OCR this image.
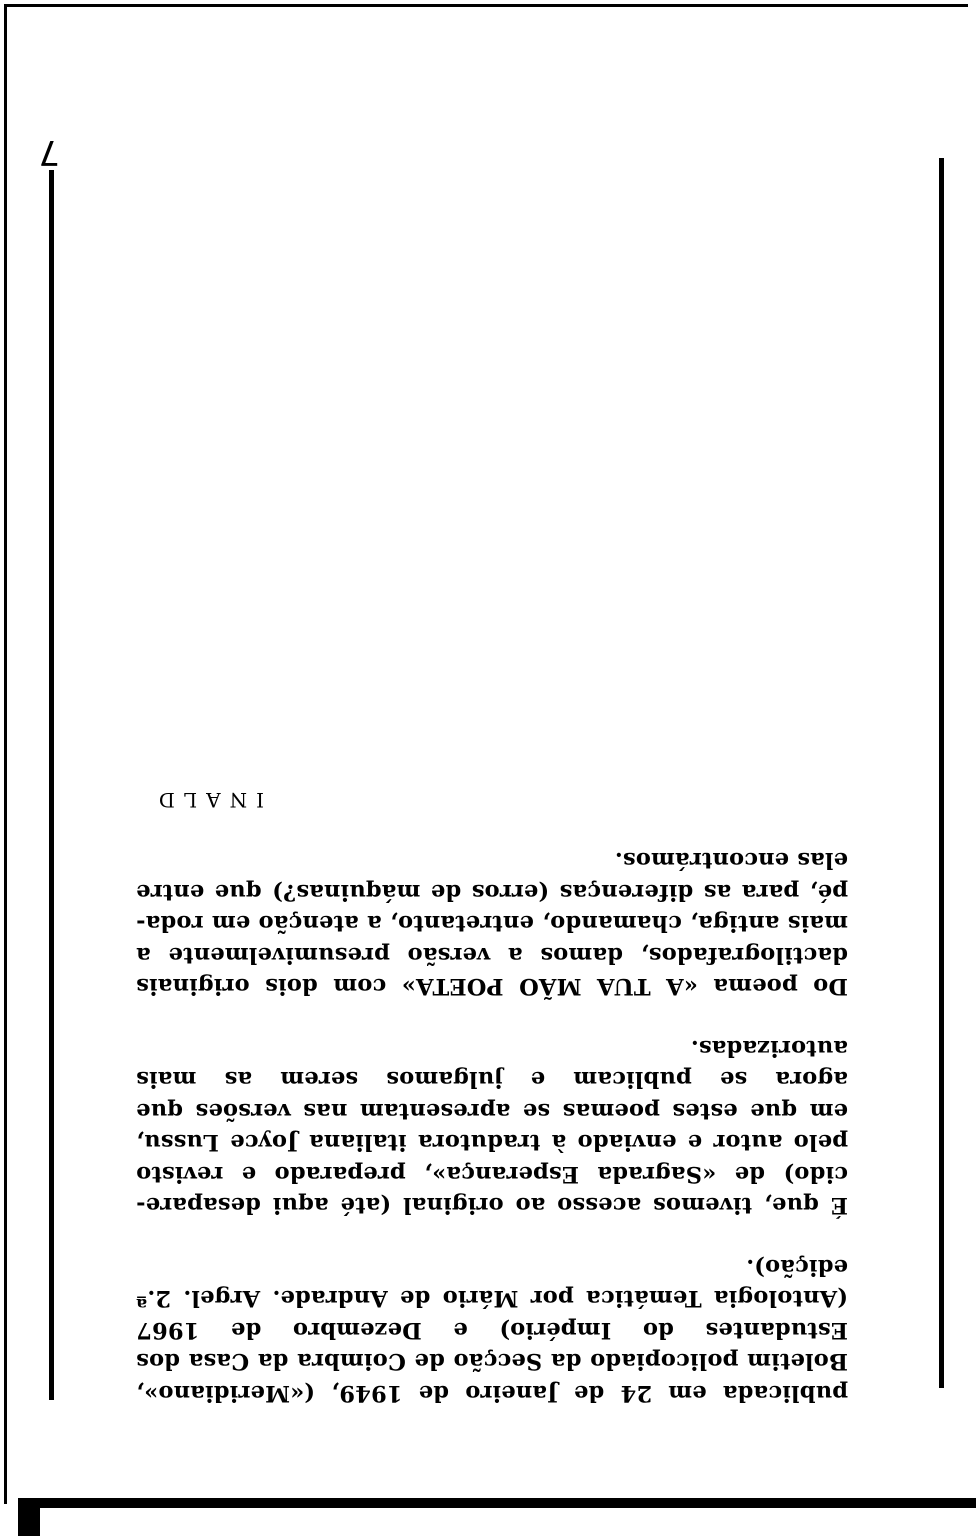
publicada em 24 de Janeiro de 1949, («Meridiano», Boletim policopiado da Secção de Coimbra da Casa dos Estudantes do Império) e Dezembro de 1967 (Antologia Temática por Mário de Andrade. Argel. 2.ª edição).

É que, tivemos acesso ao original (até aqui desapare-cido) de «Sagrada Esperança», preparado e revisto pelo autor e enviado à tradutora italiana Joyce Lussu, em que estes poemas se apresentam nas versões que agora se publicam e julgamos serem as mais autorizadas.

Do poema «A TUA MÃO POETA» com dois originais dactilografados, damos a versão presumivelmente a mais antiga, chamando, entretanto, a atenção em roda-pé, para as diferenças (erros de máquinas?) que entre elas encontrámos.

INALD
7
